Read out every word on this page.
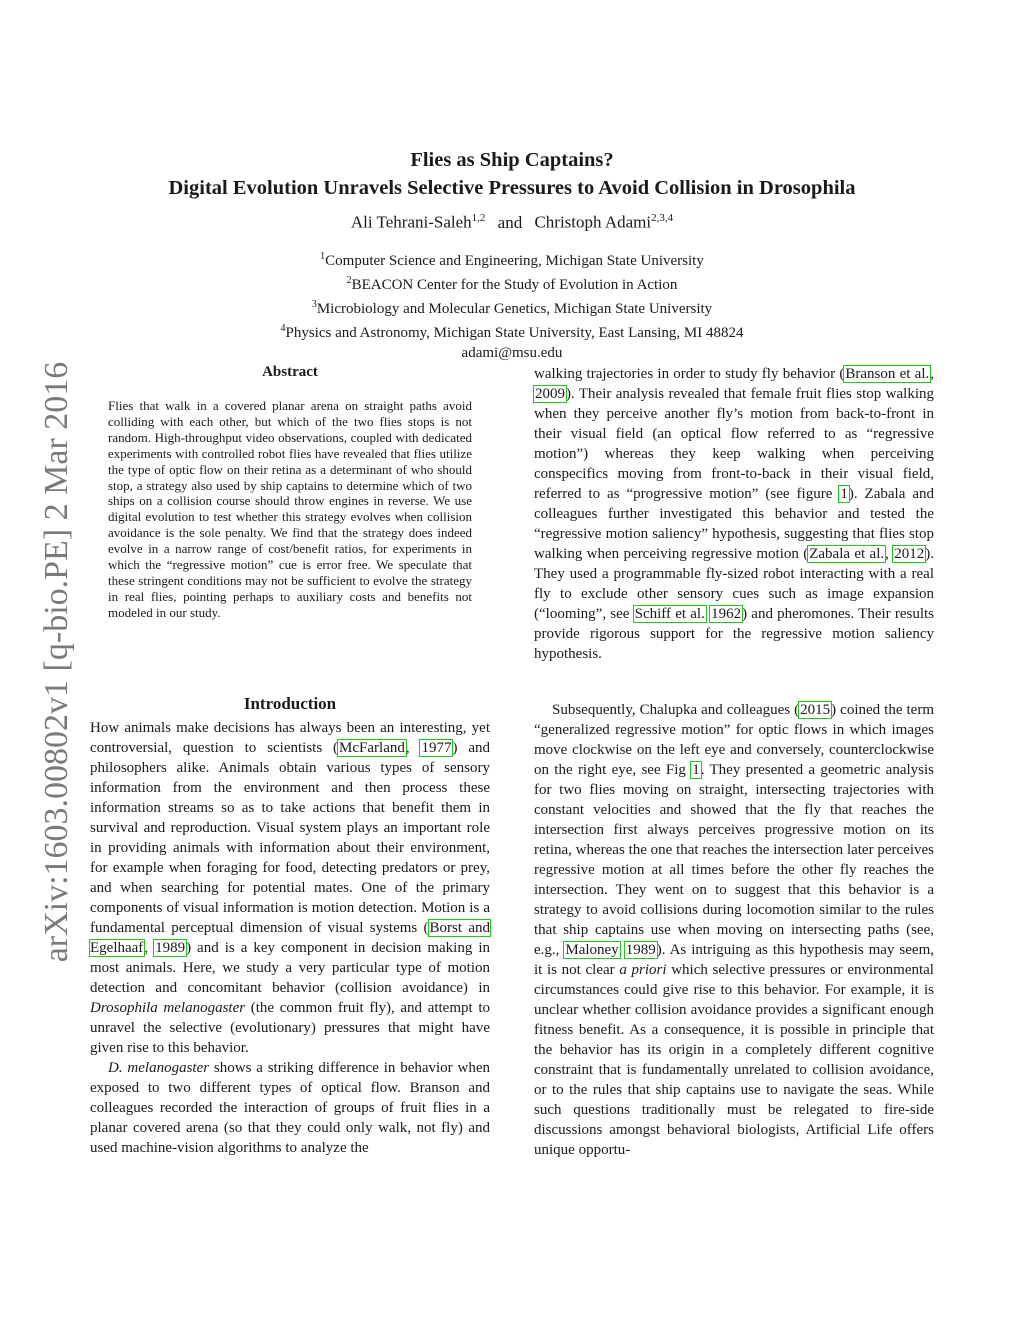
arXiv:1603.00802v1 [q-bio.PE] 2 Mar 2016
Flies as Ship Captains?
Digital Evolution Unravels Selective Pressures to Avoid Collision in Drosophila
Ali Tehrani-Saleh$^{1,2}$ and Christoph Adami$^{2,3,4}$
$^1$Computer Science and Engineering, Michigan State University
$^2$BEACON Center for the Study of Evolution in Action
$^3$Microbiology and Molecular Genetics, Michigan State University
$^4$Physics and Astronomy, Michigan State University, East Lansing, MI 48824
adami@msu.edu
Abstract
Flies that walk in a covered planar arena on straight paths avoid colliding with each other, but which of the two flies stops is not random. High-throughput video observations, coupled with dedicated experiments with controlled robot flies have revealed that flies utilize the type of optic flow on their retina as a determinant of who should stop, a strategy also used by ship captains to determine which of two ships on a collision course should throw engines in reverse. We use digital evolution to test whether this strategy evolves when collision avoidance is the sole penalty. We find that the strategy does indeed evolve in a narrow range of cost/benefit ratios, for experiments in which the “regressive motion” cue is error free. We speculate that these stringent conditions may not be sufficient to evolve the strategy in real flies, pointing perhaps to auxiliary costs and benefits not modeled in our study.
Introduction

How animals make decisions has always been an interesting, yet controversial, question to scientists (McFarland, 1977) and philosophers alike. Animals obtain various types of sensory information from the environment and then process these information streams so as to take actions that benefit them in survival and reproduction. Visual system plays an important role in providing animals with information about their environment, for example when foraging for food, detecting predators or prey, and when searching for potential mates. One of the primary components of visual information is motion detection. Motion is a fundamental perceptual dimension of visual systems (Borst and Egelhaaf, 1989) and is a key component in decision making in most animals. Here, we study a very particular type of motion detection and concomitant behavior (collision avoidance) in Drosophila melanogaster (the common fruit fly), and attempt to unravel the selective (evolutionary) pressures that might have given rise to this behavior.

D. melanogaster shows a striking difference in behavior when exposed to two different types of optical flow. Branson and colleagues recorded the interaction of groups of fruit flies in a planar covered arena (so that they could only walk, not fly) and used machine-vision algorithms to analyze the

walking trajectories in order to study fly behavior (Branson et al., 2009). Their analysis revealed that female fruit flies stop walking when they perceive another fly’s motion from back-to-front in their visual field (an optical flow referred to as “regressive motion”) whereas they keep walking when perceiving conspecifics moving from front-to-back in their visual field, referred to as “progressive motion” (see figure 1). Zabala and colleagues further investigated this behavior and tested the “regressive motion saliency” hypothesis, suggesting that flies stop walking when perceiving regressive motion (Zabala et al., 2012). They used a programmable fly-sized robot interacting with a real fly to exclude other sensory cues such as image expansion (“looming”, see Schiff et al. 1962) and pheromones. Their results provide rigorous support for the regressive motion saliency hypothesis.

Subsequently, Chalupka and colleagues (2015) coined the term “generalized regressive motion” for optic flows in which images move clockwise on the left eye and conversely, counterclockwise on the right eye, see Fig 1. They presented a geometric analysis for two flies moving on straight, intersecting trajectories with constant velocities and showed that the fly that reaches the intersection first always perceives progressive motion on its retina, whereas the one that reaches the intersection later perceives regressive motion at all times before the other fly reaches the intersection. They went on to suggest that this behavior is a strategy to avoid collisions during locomotion similar to the rules that ship captains use when moving on intersecting paths (see, e.g., Maloney 1989). As intriguing as this hypothesis may seem, it is not clear a priori which selective pressures or environmental circumstances could give rise to this behavior. For example, it is unclear whether collision avoidance provides a significant enough fitness benefit. As a consequence, it is possible in principle that the behavior has its origin in a completely different cognitive constraint that is fundamentally unrelated to collision avoidance, or to the rules that ship captains use to navigate the seas. While such questions traditionally must be relegated to fire-side discussions amongst behavioral biologists, Artificial Life offers unique opportu-
